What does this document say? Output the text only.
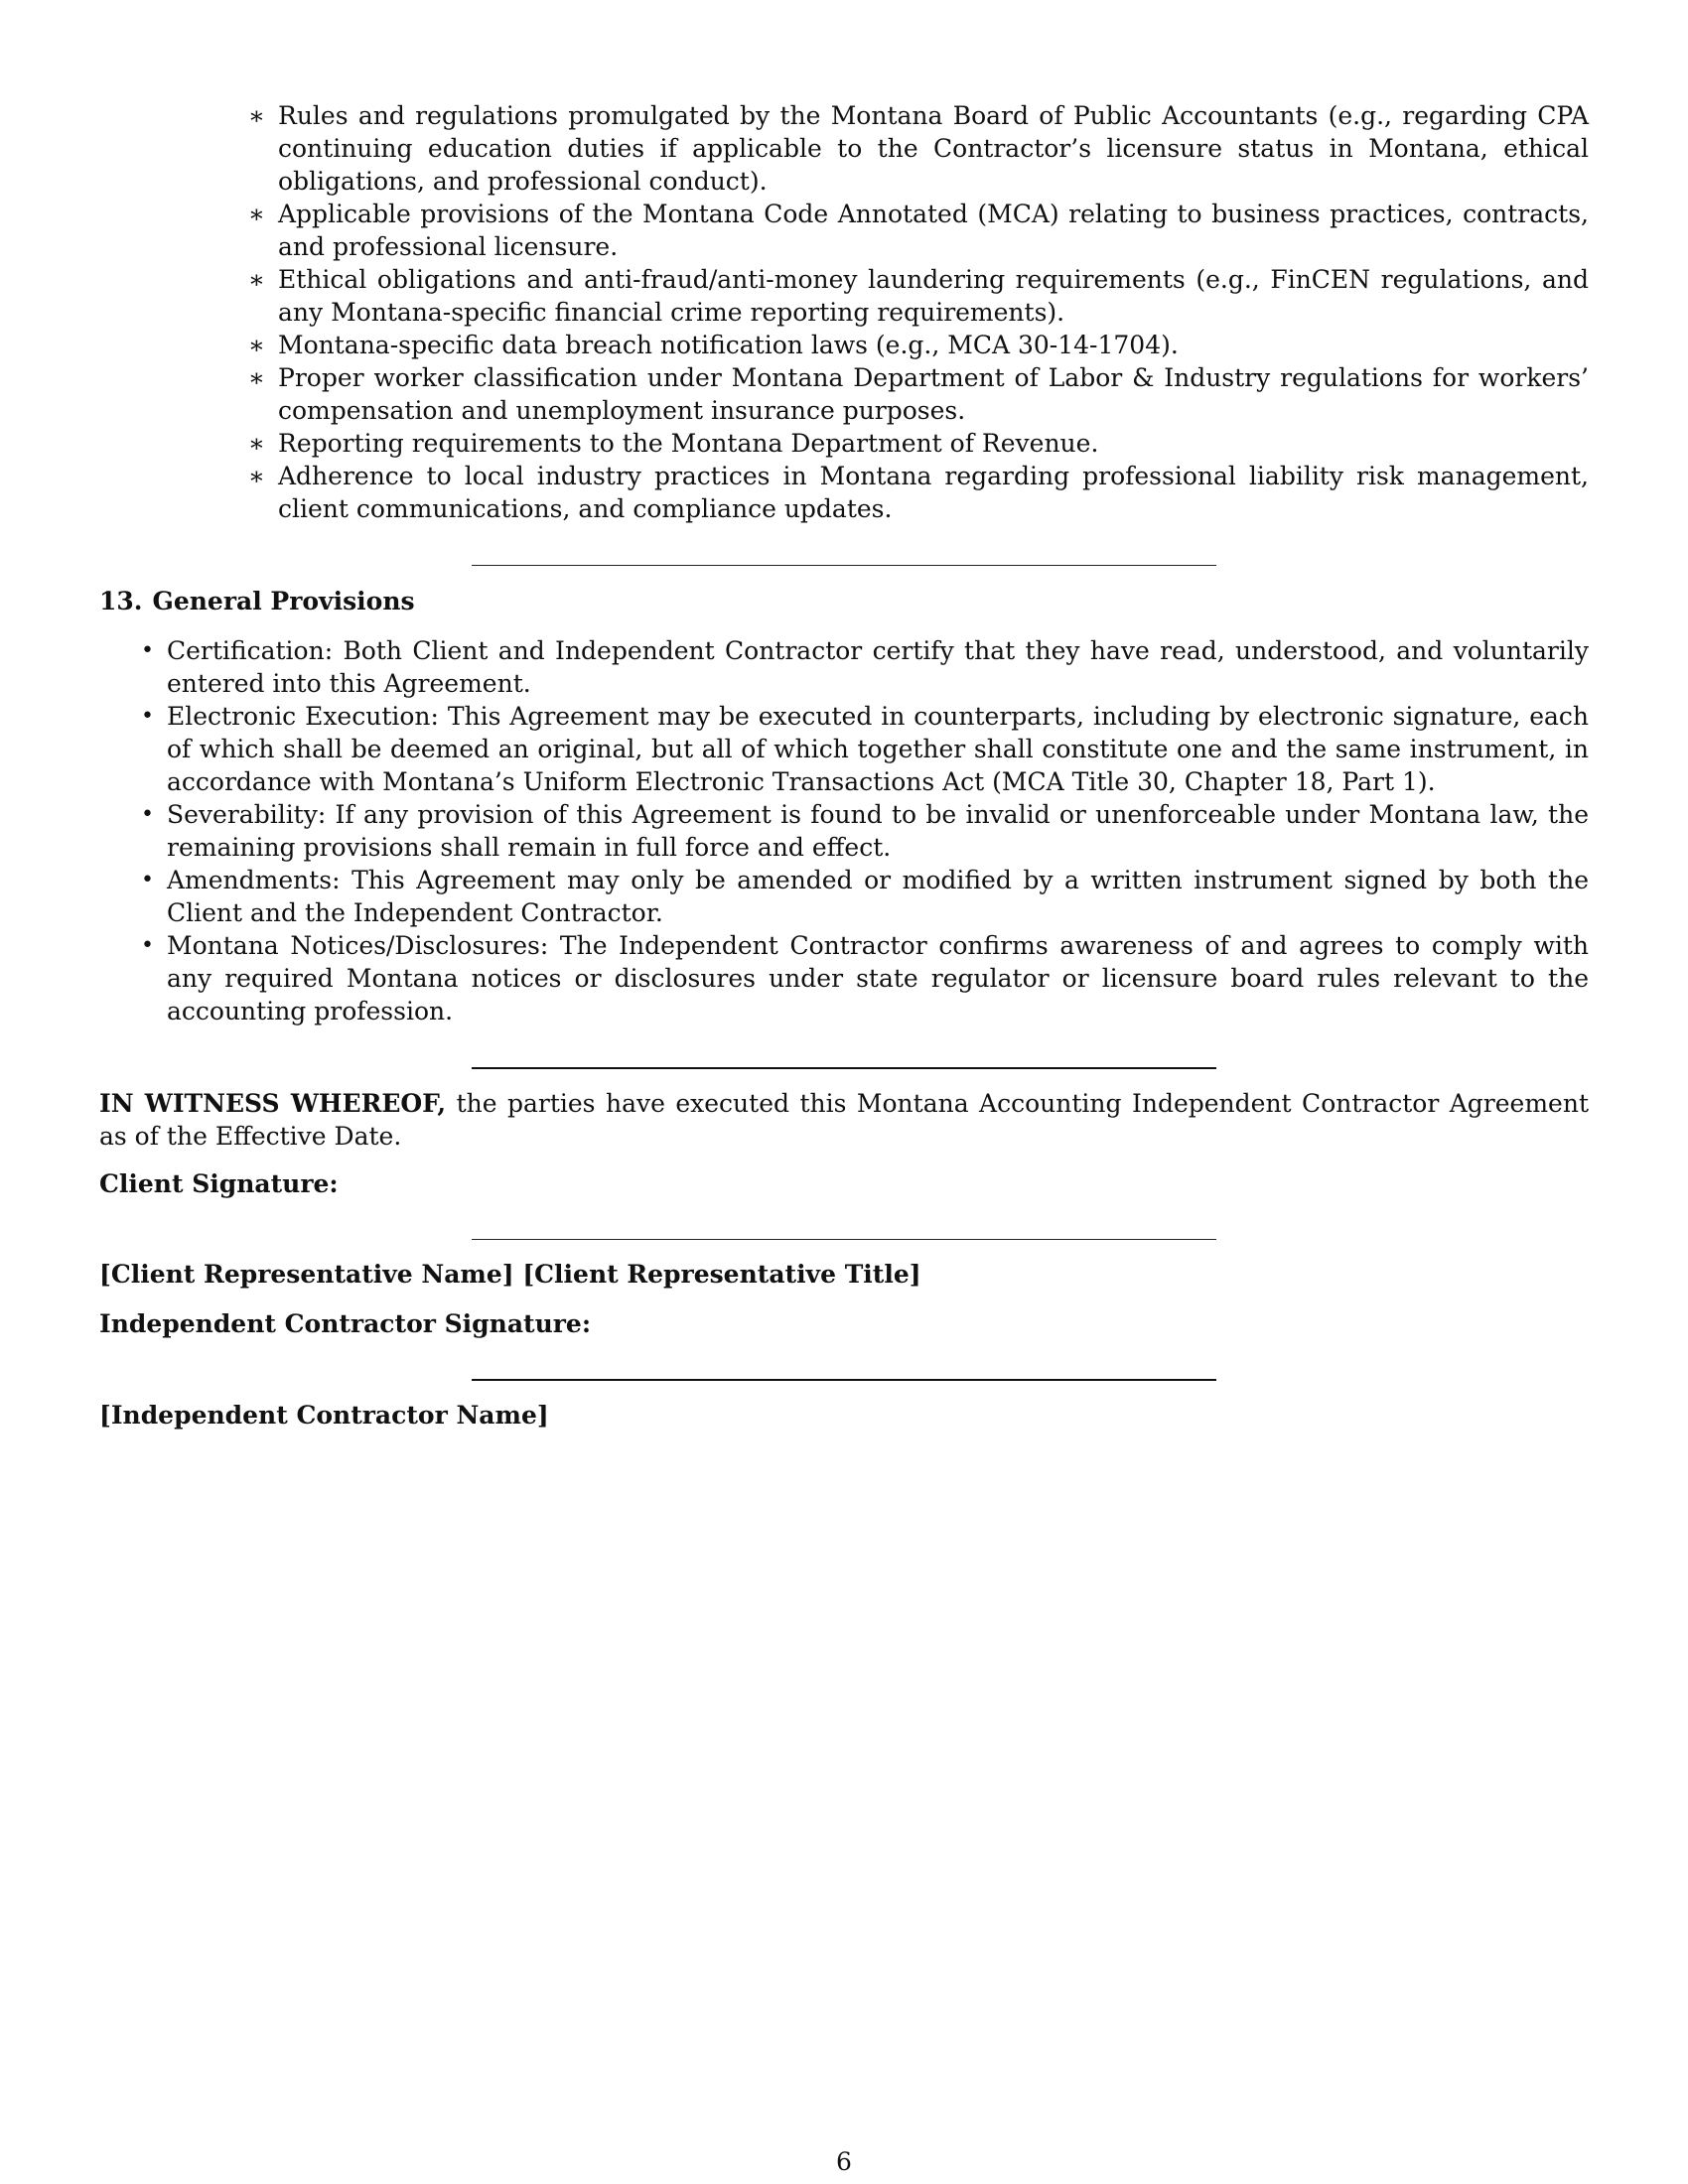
∗ Rules and regulations promulgated by the Montana Board of Public Accountants (e.g., regarding CPA continuing education duties if applicable to the Contractor’s licensure status in Montana, ethical obligations, and professional conduct).
∗ Applicable provisions of the Montana Code Annotated (MCA) relating to business practices, contracts, and professional licensure.
∗ Ethical obligations and anti-fraud/anti-money laundering requirements (e.g., FinCEN regulations, and any Montana-specific financial crime reporting requirements).
∗ Montana-specific data breach notification laws (e.g., MCA 30-14-1704).
∗ Proper worker classification under Montana Department of Labor & Industry regulations for workers’ compensation and unemployment insurance purposes.
∗ Reporting requirements to the Montana Department of Revenue.
∗ Adherence to local industry practices in Montana regarding professional liability risk management, client communications, and compliance updates.
13. General Provisions
• Certification: Both Client and Independent Contractor certify that they have read, understood, and voluntarily entered into this Agreement.
• Electronic Execution: This Agreement may be executed in counterparts, including by electronic signature, each of which shall be deemed an original, but all of which together shall constitute one and the same instrument, in accordance with Montana’s Uniform Electronic Transactions Act (MCA Title 30, Chapter 18, Part 1).
• Severability: If any provision of this Agreement is found to be invalid or unenforceable under Montana law, the remaining provisions shall remain in full force and effect.
• Amendments: This Agreement may only be amended or modified by a written instrument signed by both the Client and the Independent Contractor.
• Montana Notices/Disclosures: The Independent Contractor confirms awareness of and agrees to comply with any required Montana notices or disclosures under state regulator or licensure board rules relevant to the accounting profession.

IN WITNESS WHEREOF, the parties have executed this Montana Accounting Independent Contractor Agreement as of the Effective Date.

Client Signature:

[Client Representative Name] [Client Representative Title]

Independent Contractor Signature:

[Independent Contractor Name]

6
